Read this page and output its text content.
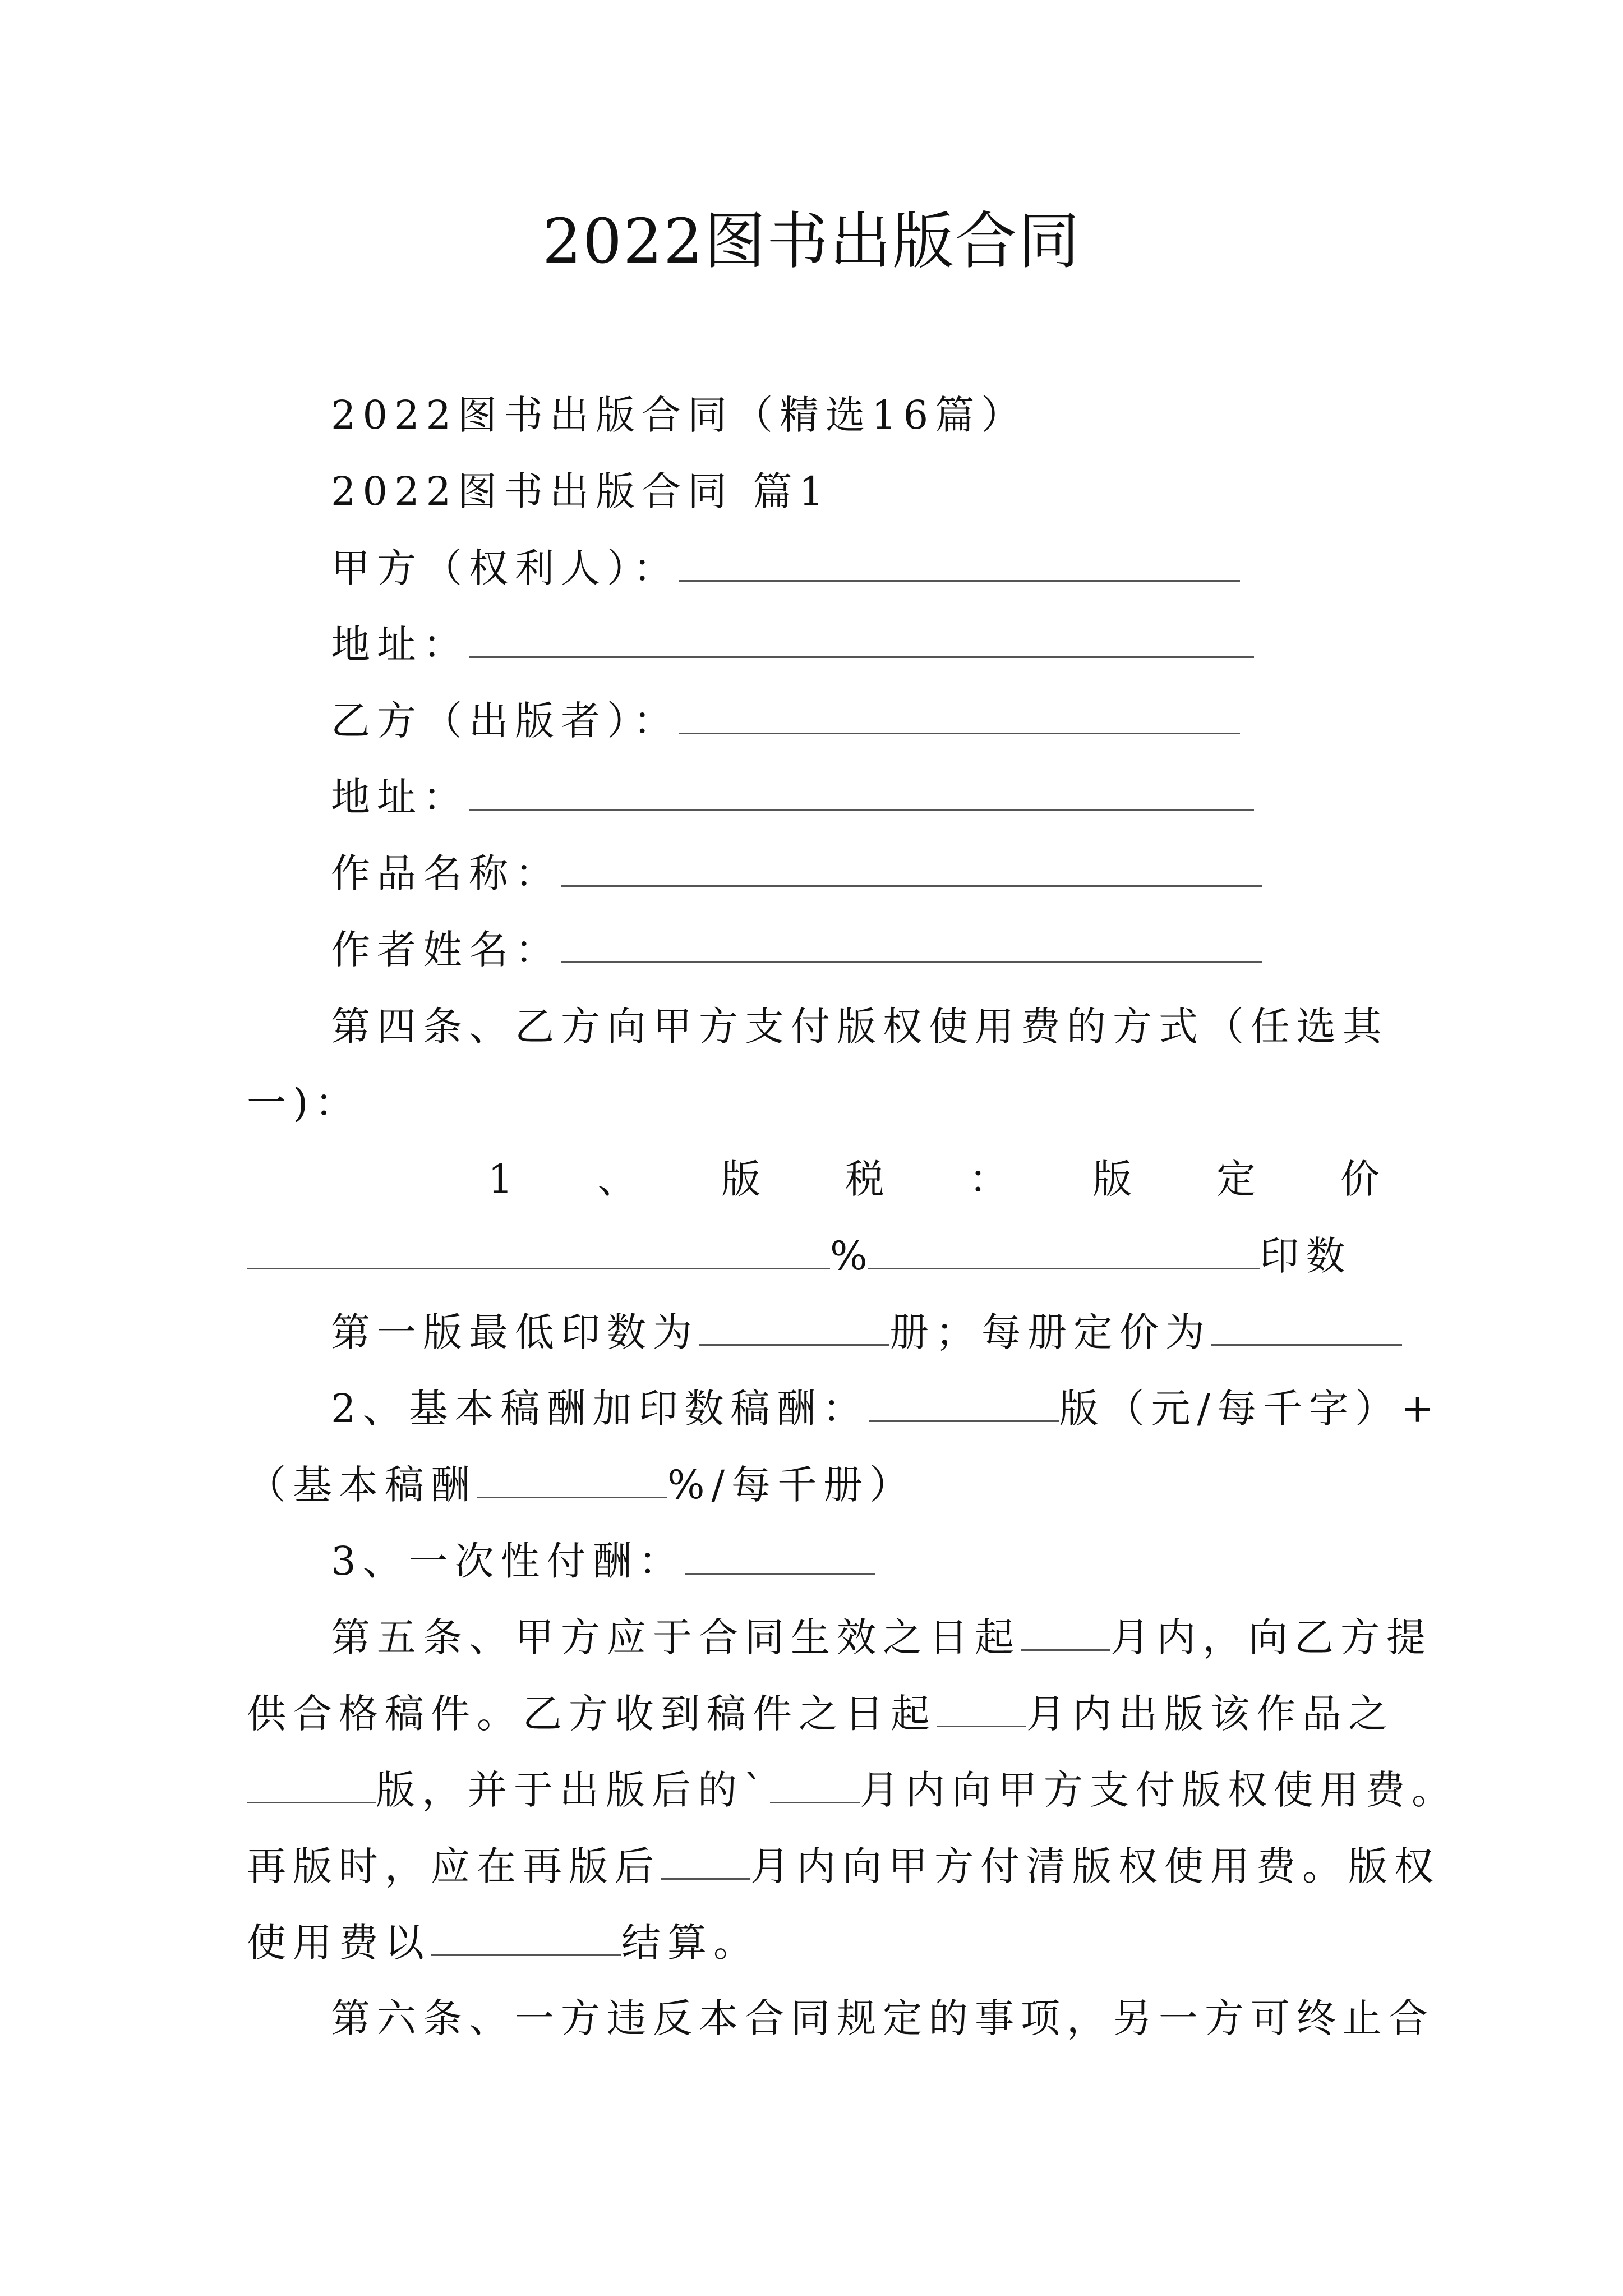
2022图书出版合同
2022图书出版合同（精选16篇）
2022图书出版合同 篇1
甲方（权利人）：
地址：
乙方（出版者）：
地址：
作品名称：
作者姓名：
第四条、乙方向甲方支付版权使用费的方式（任选其
一)：
1 、 版 税 ： 版 定 价
%	印数
第一版最低印数为	册；每册定价为
2、基本稿酬加印数稿酬：	版（元/每千字）+
（基本稿酬	%/每千册）
3、一次性付酬：
第五条、甲方应于合同生效之日起 月内，向乙方提
供合格稿件。乙方收到稿件之日起 月内出版该作品之
版，并于出版后的` 月内向甲方支付版权使用费。
再版时，应在再版后 月内向甲方付清版权使用费。版权
使用费以	结算。
第六条、一方违反本合同规定的事项，另一方可终止合
